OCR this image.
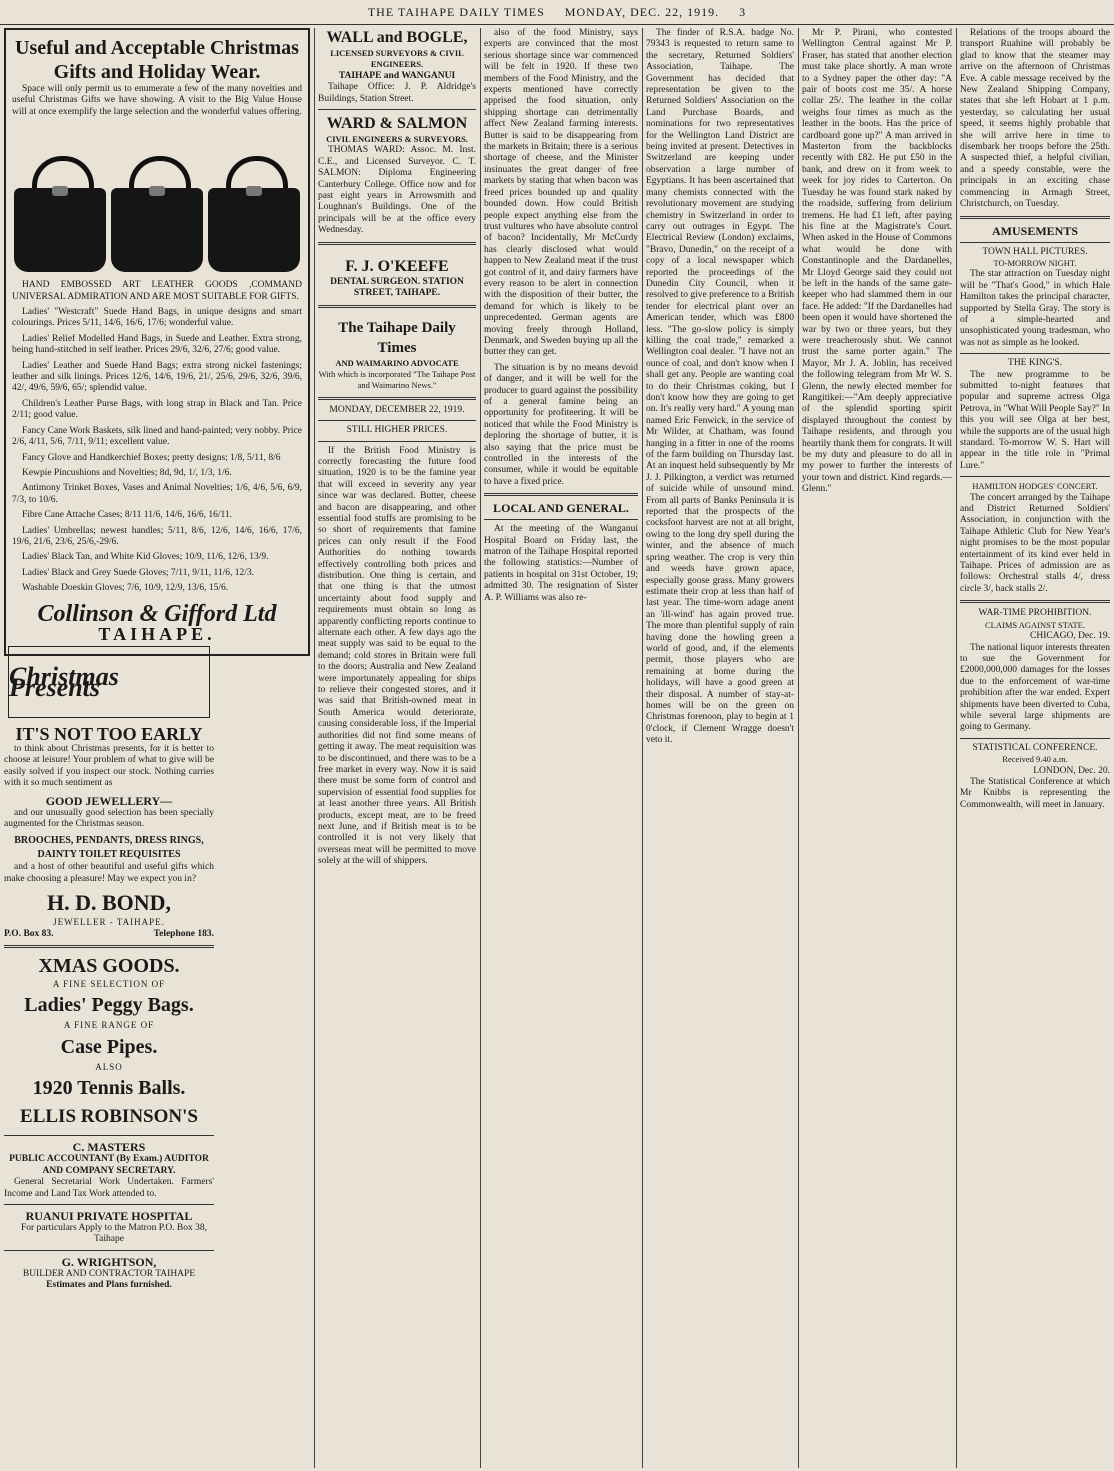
THE TAIHAPE DAILY TIMES MONDAY, DEC. 22, 1919. 3
Useful and Acceptable Christmas Gifts and Holiday Wear.

Space will only permit us to enumerate a few of the many novelties and useful Christmas Gifts we have showing. A visit to the Big Value House will at once exemplify the large selection and the wonderful values offering.

HAND EMBOSSED ART LEATHER GOODS ,COMMAND UNIVERSAL ADMIRATION AND ARE MOST SUITABLE FOR GIFTS.

Ladies' "Westcraft" Suede Hand Bags, in unique designs and smart colourings. Prices 5/11, 14/6, 16/6, 17/6; wonderful value.

Ladies' Relief Modelled Hand Bags, in Suede and Leather. Extra strong, being hand-stitched in self leather. Prices 29/6, 32/6, 27/6; good value.

Ladies' Leather and Suede Hand Bags; extra strong nickel fastenings; leather and silk linings. Prices 12/6, 14/6, 19/6, 21/, 25/6, 29/6, 32/6, 39/6, 42/, 49/6, 59/6, 65/; splendid value.

Children's Leather Purse Bags, with long strap in Black and Tan. Price 2/11; good value.

Fancy Cane Work Baskets, silk lined and hand-painted; very nobby. Price 2/6, 4/11, 5/6, 7/11, 9/11; excellent value.

Fancy Glove and Handkerchief Boxes; pretty designs; 1/8, 5/11, 8/6

Kewpie Pincushions and Novelties; 8d, 9d, 1/, 1/3, 1/6.

Antimony Trinket Boxes, Vases and Animal Novelties; 1/6, 4/6, 5/6, 6/9, 7/3, to 10/6.

Fibre Cane Attache Cases; 8/11 11/6, 14/6, 16/6, 16/11.

Ladies' Umbrellas; newest handles; 5/11, 8/6, 12/6, 14/6, 16/6, 17/6, 19/6, 21/6, 23/6, 25/6,-29/6.

Ladies' Black Tan, and White Kid Gloves; 10/9, 11/6, 12/6, 13/9.

Ladies' Black and Grey Suede Gloves; 7/11, 9/11, 11/6, 12/3.

Washable Doeskin Gloves; 7/6, 10/9, 12/9, 13/6, 15/6.

Collinson & Gifford Ltd
TAIHAPE.
Christmas Presents
IT'S NOT TOO EARLY

to think about Christmas presents, for it is better to choose at leisure! Your problem of what to give will be easily solved if you inspect our stock. Nothing carries with it so much sentiment as

GOOD JEWELLERY—

and our unusually good selection has been specially augmented for the Christmas season.

BROOCHES, PENDANTS, DRESS RINGS, DAINTY TOILET REQUISITES

and a host of other beautiful and useful gifts which make choosing a pleasure! May we expect you in?

H. D. BOND,
JEWELLER - TAIHAPE.
P.O. Box 83.	Telephone 183.
XMAS GOODS.
A FINE SELECTION OF
Ladies' Peggy Bags.
A FINE RANGE OF
Case Pipes.
ALSO
1920 Tennis Balls.
ELLIS ROBINSON'S
C. MASTERS
PUBLIC ACCOUNTANT (By Exam.) AUDITOR AND COMPANY SECRETARY.

General Secretarial Work Undertaken. Farmers' Income and Land Tax Work attended to.

RUANUI PRIVATE HOSPITAL

For particulars Apply to the Matron P.O. Box 38, Taihape

G. WRIGHTSON,
BUILDER AND CONTRACTOR TAIHAPE
Estimates and Plans furnished.
WALL and BOGLE,
LICENSED SURVEYORS & CIVIL ENGINEERS.
TAIHAPE and WANGANUI

Taihape Office: J. P. Aldridge's Buildings, Station Street.

WARD & SALMON
CIVIL ENGINEERS & SURVEYORS.

THOMAS WARD: Assoc. M. Inst. C.E., and Licensed Surveyor. C. T. SALMON: Diploma Engineering Canterbury College. Office now and for past eight years in Arrowsmith and Loughnan's Buildings. One of the principals will be at the office every Wednesday.

F. J. O'KEEFE
DENTAL SURGEON. STATION STREET, TAIHAPE.
The Taihape Daily Times
AND WAIMARINO ADVOCATE
With which is incorporated "The Taihape Post and Waimarino News."
MONDAY, DECEMBER 22, 1919.
STILL HIGHER PRICES.

If the British Food Ministry is correctly forecasting the future food situation, 1920 is to be the famine year that will exceed in severity any year since war was declared. Butter, cheese and bacon are disappearing, and other essential food stuffs are promising to be so short of requirements that famine prices can only result if the Food Authorities do nothing towards effectively controlling both prices and distribution. One thing is certain, and that one thing is that the utmost uncertainty about food supply and requirements must obtain so long as apparently conflicting reports continue to alternate each other. A few days ago the meat supply was said to be equal to the demand; cold stores in Britain were full to the doors; Australia and New Zealand were importunately appealing for ships to relieve their congested stores, and it was said that British-owned meat in South America would deteriorate, causing considerable loss, if the Imperial authorities did not find some means of getting it away. The meat requisition was to be discontinued, and there was to be a free market in every way. Now it is said there must be some form of control and supervision of essential food supplies for at least another three years. All British products, except meat, are to be freed next June, and if British meat is to be controlled it is not very likely that overseas meat will be permitted to move solely at the will of shippers.

also of the food Ministry, says experts are convinced that the most serious shortage since war commenced will be felt in 1920. If these two members of the Food Ministry, and the experts mentioned have correctly apprised the food situation, only shipping shortage can detrimentally affect New Zealand farming interests. Butter is said to be disappearing from the markets in Britain; there is a serious shortage of cheese, and the Minister insinuates the great danger of free markets by stating that when bacon was freed prices bounded up and quality bounded down. How could British people expect anything else from the trust vultures who have absolute control of bacon? Incidentally, Mr McCurdy has clearly disclosed what would happen to New Zealand meat if the trust got control of it, and dairy farmers have every reason to be alert in connection with the disposition of their butter, the demand for which is likely to be unprecedented. German agents are moving freely through Holland, Denmark, and Sweden buying up all the butter they can get.

The situation is by no means devoid of danger, and it will be well for the producer to guard against the possibility of a general famine being an opportunity for profiteering. It will be noticed that while the Food Ministry is deploring the shortage of butter, it is also saying that the price must be controlled in the interests of the consumer, while it would be equitable to have a fixed price.

LOCAL AND GENERAL.

At the meeting of the Wanganui Hospital Board on Friday last, the matron of the Taihape Hospital reported the following statistics:—Number of patients in hospital on 31st October, 19; admitted 30. The resignation of Sister A. P. Williams was also re-

The finder of R.S.A. badge No. 79343 is requested to return same to the secretary, Returned Soldiers' Association, Taihape. The Government has decided that representation be given to the Returned Soldiers' Association on the Land Purchase Boards, and nominations for two representatives for the Wellington Land District are being invited at present. Detectives in Switzerland are keeping under observation a large number of Egyptians. It has been ascertained that many chemists connected with the revolutionary movement are studying chemistry in Switzerland in order to carry out outrages in Egypt. The Electrical Review (London) exclaims, "Bravo, Dunedin," on the receipt of a copy of a local newspaper which reported the proceedings of the Dunedin City Council, when it resolved to give preference to a British tender for electrical plant over an American tender, which was £800 less. "The go-slow policy is simply killing the coal trade," remarked a Wellington coal dealer. "I have not an ounce of coal, and don't know when I shall get any. People are wanting coal to do their Christmas coking, but I don't know how they are going to get on. It's really very hard." A young man named Eric Fenwick, in the service of Mr Wilder, at Chatham, was found hanging in a fitter in one of the rooms of the farm building on Thursday last. At an inquest held subsequently by Mr J. J. Pilkington, a verdict was returned of suicide while of unsound mind. From all parts of Banks Peninsula it is reported that the prospects of the cocksfoot harvest are not at all bright, owing to the long dry spell during the winter, and the absence of much spring weather. The crop is very thin and weeds have grown apace, especially goose grass. Many growers estimate their crop at less than half of last year. The time-worn adage anent an 'ill-wind' has again proved true. The more than plentiful supply of rain having done the howling green a world of good, and, if the elements permit, those players who are remaining at home during the holidays, will have a good green at their disposal. A number of stay-at-homes will be on the green on Christmas forenoon, play to begin at 1 0'clock, if Clement Wragge doesn't veto it.

Mr P. Pirani, who contested Wellington Central against Mr P. Fraser, has stated that another election must take place shortly. A man wrote to a Sydney paper the other day: "A pair of boots cost me 35/. A horse collar 25/. The leather in the collar weighs four times as much as the leather in the boots. Has the price of cardboard gone up?" A man arrived in Masterton from the backblocks recently with £82. He put £50 in the bank, and drew on it from week to week for joy rides to Carterton. On Tuesday he was found stark naked by the roadside, suffering from delirium tremens. He had £1 left, after paying his fine at the Magistrate's Court. When asked in the House of Commons what would be done with Constantinople and the Dardanelles, Mr Lloyd George said they could not be left in the hands of the same gate-keeper who had slammed them in our face. He added: "If the Dardanelles had been open it would have shortened the war by two or three years, but they were treacherously shut. We cannot trust the same porter again." The Mayor, Mr J. A. Joblin, has received the following telegram from Mr W. S. Glenn, the newly elected member for Rangitikei:—"Am deeply appreciative of the splendid sporting spirit displayed throughout the contest by Taihape residents, and through you heartily thank them for congrats. It will be my duty and pleasure to do all in my power to further the interests of your town and district. Kind regards.—Glenn."

Relations of the troops aboard the transport Ruahine will probably be glad to know that the steamer may arrive on the afternoon of Christmas Eve. A cable message received by the New Zealand Shipping Company, states that she left Hobart at 1 p.m. yesterday, so calculating her usual speed, it seems highly probable that she will arrive here in time to disembark her troops before the 25th. A suspected thief, a helpful civilian, and a speedy constable, were the principals in an exciting chase commencing in Armagh Street, Christchurch, on Tuesday.

AMUSEMENTS
TOWN HALL PICTURES.
TO-MORROW NIGHT.

The star attraction on Tuesday night will be "That's Good," in which Hale Hamilton takes the principal character, supported by Stella Gray. The story is of a simple-hearted and unsophisticated young tradesman, who was not as simple as he looked.

THE KING'S.

The new programme to be submitted to-night features that popular and supreme actress Olga Petrova, in "What Will People Say?" In this you will see Olga at her best, while the supports are of the usual high standard. To-morrow W. S. Hart will appear in the title role in "Primal Lure."

HAMILTON HODGES' CONCERT.

The concert arranged by the Taihape and District Returned Soldiers' Association, in conjunction with the Taihape Athletic Club for New Year's night promises to be the most popular entertainment of its kind ever held in Taihape. Prices of admission are as follows: Orchestral stalls 4/, dress circle 3/, back stalls 2/.

WAR-TIME PROHIBITION.
CLAIMS AGAINST STATE.
CHICAGO, Dec. 19.

The national liquor interests threaten to sue the Government for £2000,000,000 damages for the losses due to the enforcement of war-time prohibition after the war ended. Expert shipments have been diverted to Cuba, while several large shipments are going to Germany.

STATISTICAL CONFERENCE.
Received 9.40 a.m.
LONDON, Dec. 20.

The Statistical Conference at which Mr Knibbs is representing the Commonwealth, will meet in January.
